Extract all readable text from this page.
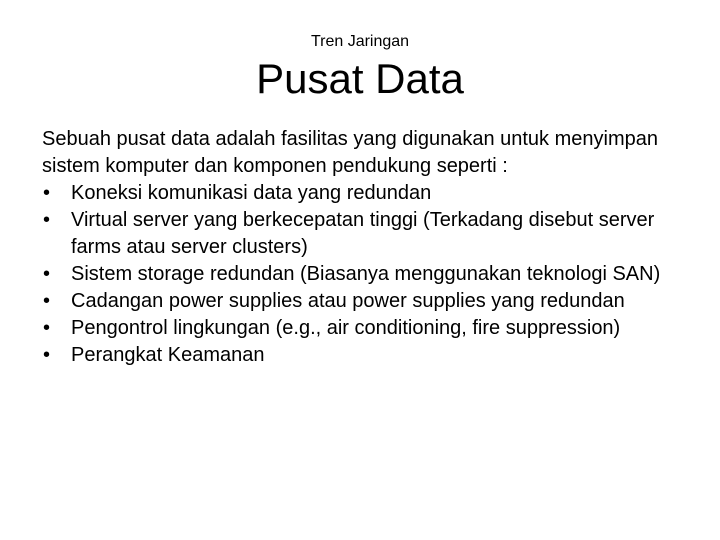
Tren Jaringan
Pusat Data

Sebuah pusat data adalah fasilitas yang digunakan untuk menyimpan sistem komputer dan komponen pendukung seperti :

• Koneksi komunikasi data yang redundan
• Virtual server yang berkecepatan tinggi (Terkadang disebut server farms atau server clusters)
• Sistem storage redundan (Biasanya menggunakan teknologi SAN)
• Cadangan power supplies atau power supplies yang redundan
• Pengontrol lingkungan (e.g., air conditioning, fire suppression)
• Perangkat Keamanan
